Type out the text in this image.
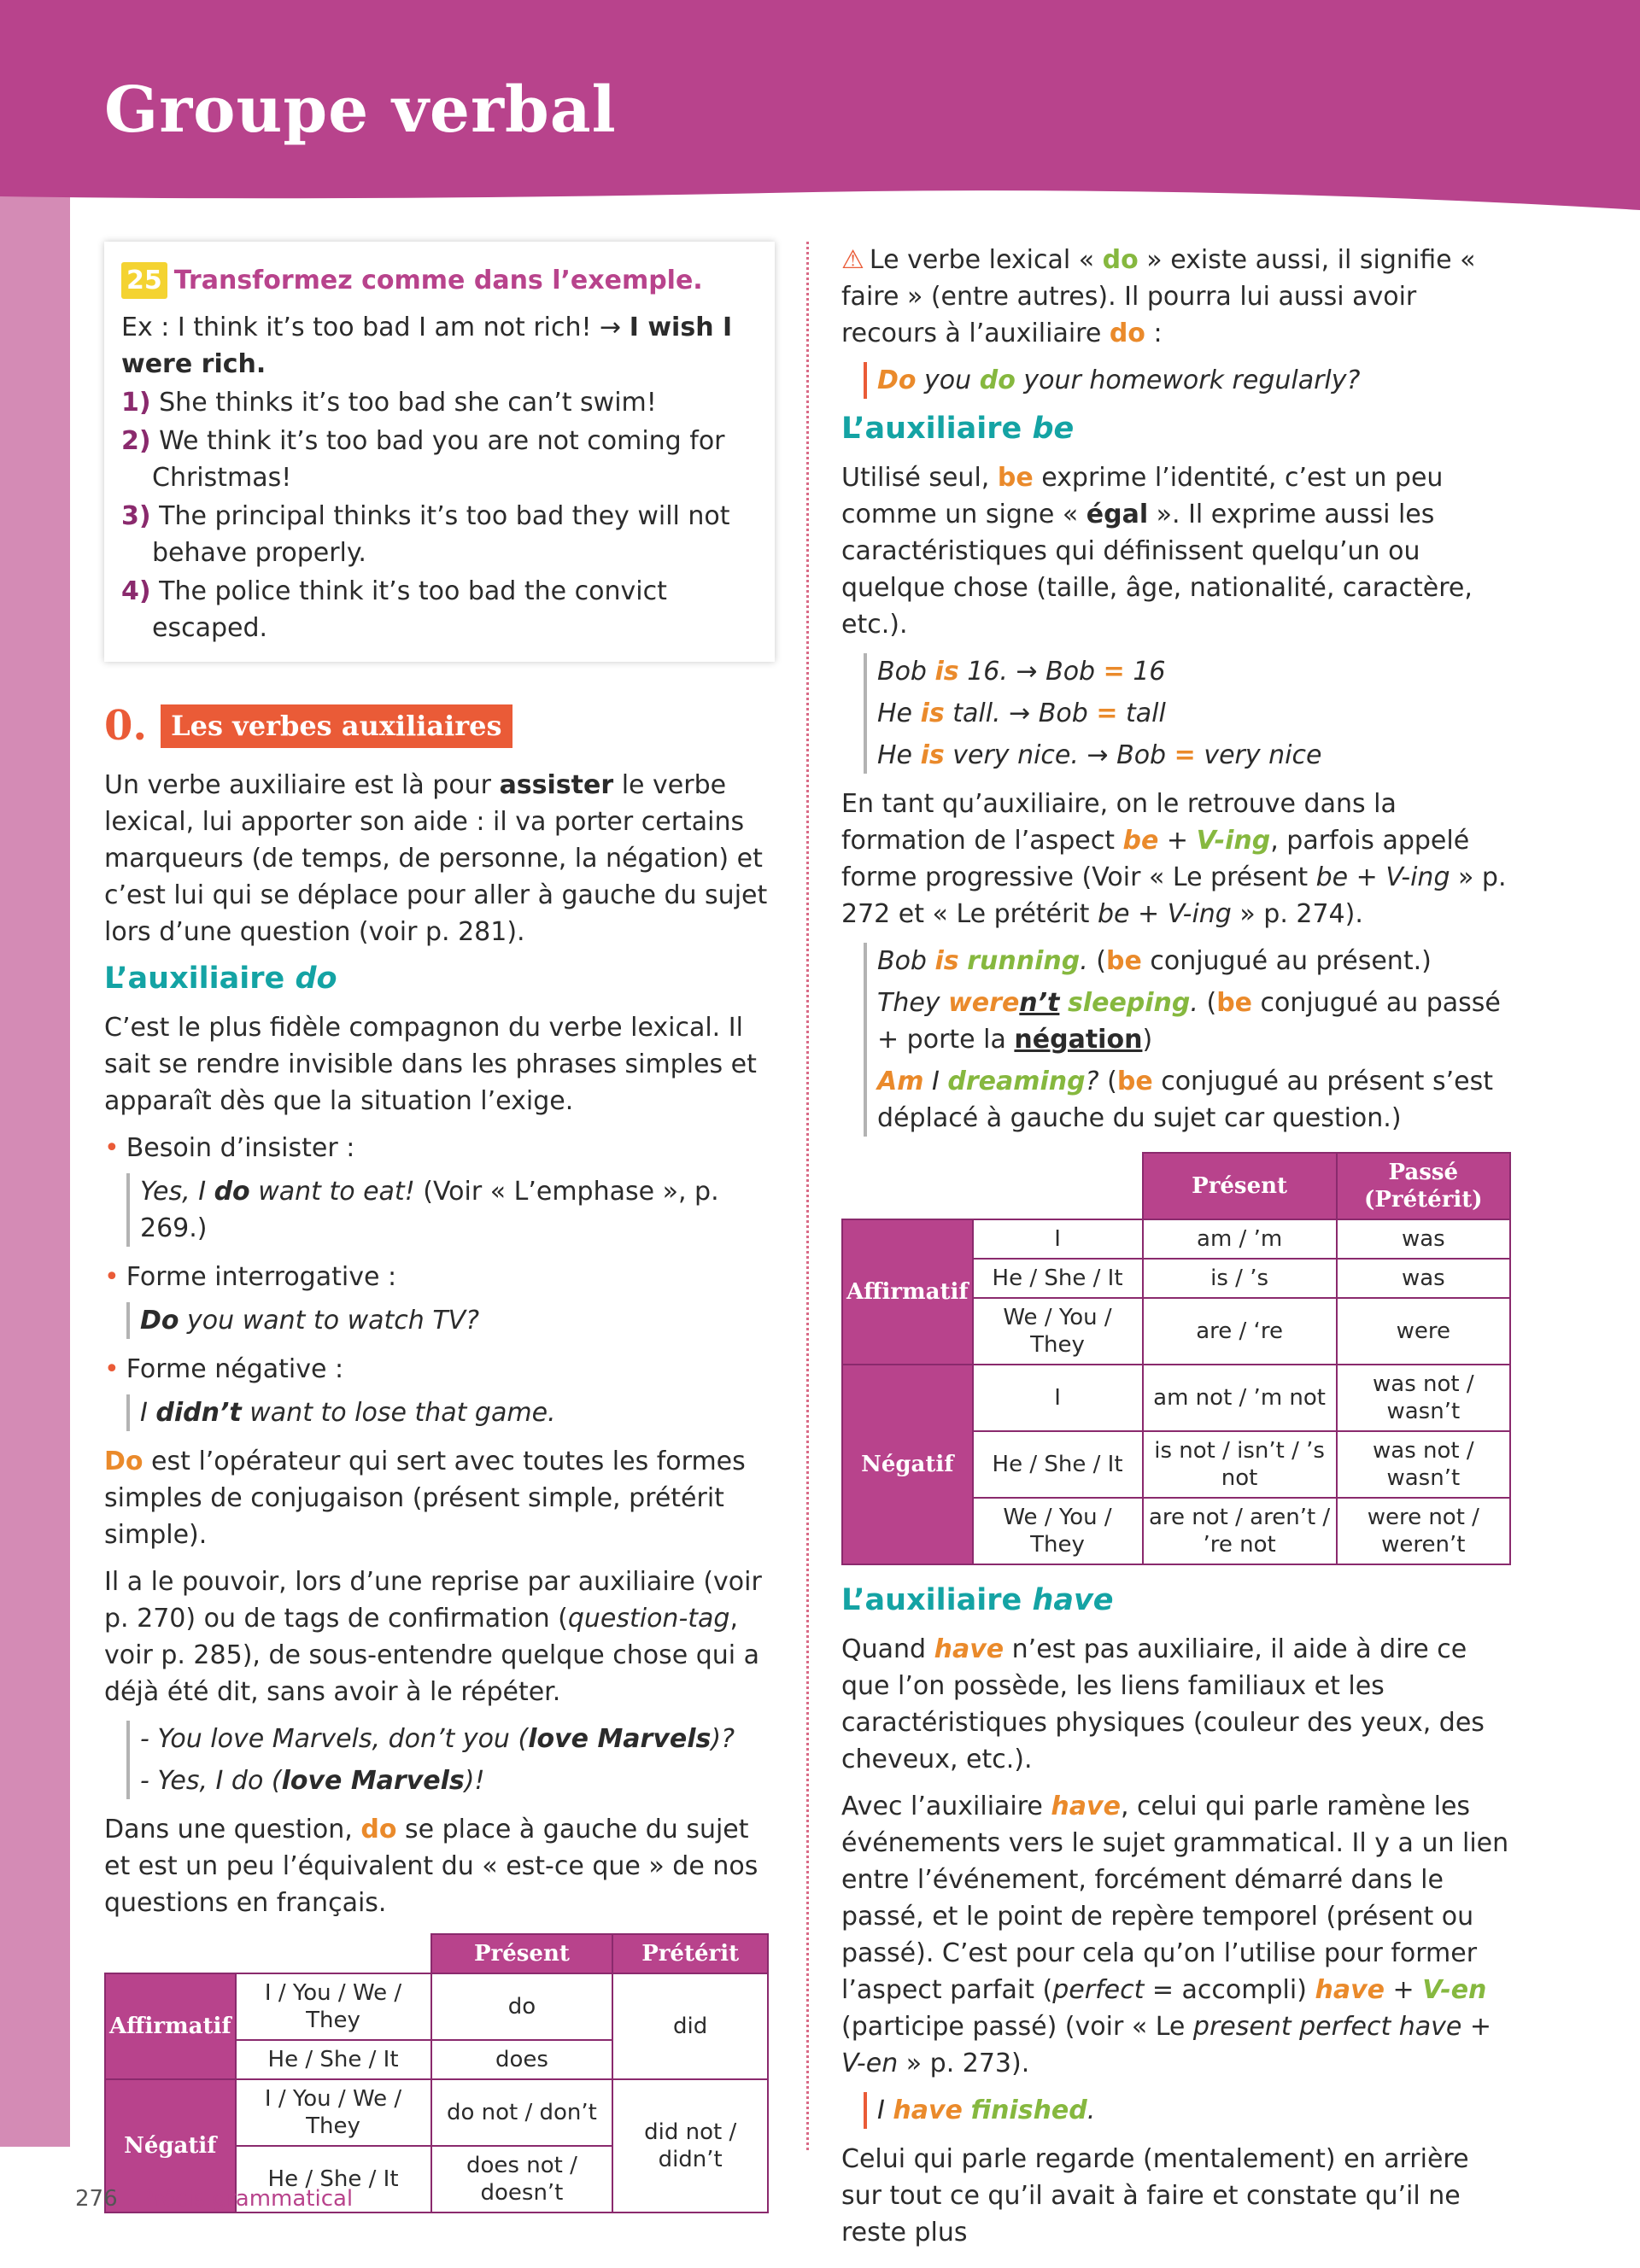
Groupe verbal
25 Transformez comme dans l’exemple.

Ex : I think it’s too bad I am not rich! → I wish I were rich.

1) She thinks it’s too bad she can’t swim!

2) We think it’s too bad you are not coming for Christmas!

3) The principal thinks it’s too bad they will not behave properly.

4) The police think it’s too bad the convict escaped.

0. Les verbes auxiliaires

Un verbe auxiliaire est là pour assister le verbe lexical, lui apporter son aide : il va porter certains marqueurs (de temps, de personne, la négation) et c’est lui qui se déplace pour aller à gauche du sujet lors d’une question (voir p. 281).

L’auxiliaire do

C’est le plus fidèle compagnon du verbe lexical. Il sait se rendre invisible dans les phrases simples et apparaît dès que la situation l’exige.

• Besoin d’insister :

Yes, I do want to eat! (Voir « L’emphase », p. 269.)

• Forme interrogative :

Do you want to watch TV?

• Forme négative :

I didn’t want to lose that game.

Do est l’opérateur qui sert avec toutes les formes simples de conjugaison (présent simple, prétérit simple).

Il a le pouvoir, lors d’une reprise par auxiliaire (voir p. 270) ou de tags de confirmation (question-tag, voir p. 285), de sous-entendre quelque chose qui a déjà été dit, sans avoir à le répéter.

- You love Marvels, don’t you (love Marvels)?

- Yes, I do (love Marvels)!

Dans une question, do se place à gauche du sujet et est un peu l’équivalent du « est-ce que » de nos questions en français.

		Présent	Prétérit
Affirmatif	I / You / We / They	do	did
	He / She / It	does	
Négatif	I / You / We / They	do not / don’t	did not / didn’t
	He / She / It	does not / doesn’t	

⚠ Le verbe lexical « do » existe aussi, il signifie « faire » (entre autres). Il pourra lui aussi avoir recours à l’auxiliaire do :

Do you do your homework regularly?

L’auxiliaire be

Utilisé seul, be exprime l’identité, c’est un peu comme un signe « égal ». Il exprime aussi les caractéristiques qui définissent quelqu’un ou quelque chose (taille, âge, nationalité, caractère, etc.).

Bob is 16. → Bob = 16

He is tall. → Bob = tall

He is very nice. → Bob = very nice

En tant qu’auxiliaire, on le retrouve dans la formation de l’aspect be + V-ing, parfois appelé forme progressive (Voir « Le présent be + V-ing » p. 272 et « Le prétérit be + V-ing » p. 274).

Bob is running. (be conjugué au présent.)

They weren’t sleeping. (be conjugué au passé + porte la négation)

Am I dreaming? (be conjugué au présent s’est déplacé à gauche du sujet car question.)

		Présent	Passé (Prétérit)
Affirmatif	I	am / ’m	was
	He / She / It	is / ’s	was
	We / You / They	are / ‘re	were
Négatif	I	am not / ’m not	was not / wasn’t
	He / She / It	is not / isn’t / ’s not	was not / wasn’t
	We / You / They	are not / aren’t / ’re not	were not / weren’t
L’auxiliaire have

Quand have n’est pas auxiliaire, il aide à dire ce que l’on possède, les liens familiaux et les caractéristiques physiques (couleur des yeux, des cheveux, etc.).

Avec l’auxiliaire have, celui qui parle ramène les événements vers le sujet grammatical. Il y a un lien entre l’événement, forcément démarré dans le passé, et le point de repère temporel (présent ou passé). C’est pour cela qu’on l’utilise pour former l’aspect parfait (perfect = accompli) have + V-en (participe passé) (voir « Le present perfect have + V-en » p. 273).

I have finished.

Celui qui parle regarde (mentalement) en arrière sur tout ce qu’il avait à faire et constate qu’il ne reste plus

276 Précis grammatical
